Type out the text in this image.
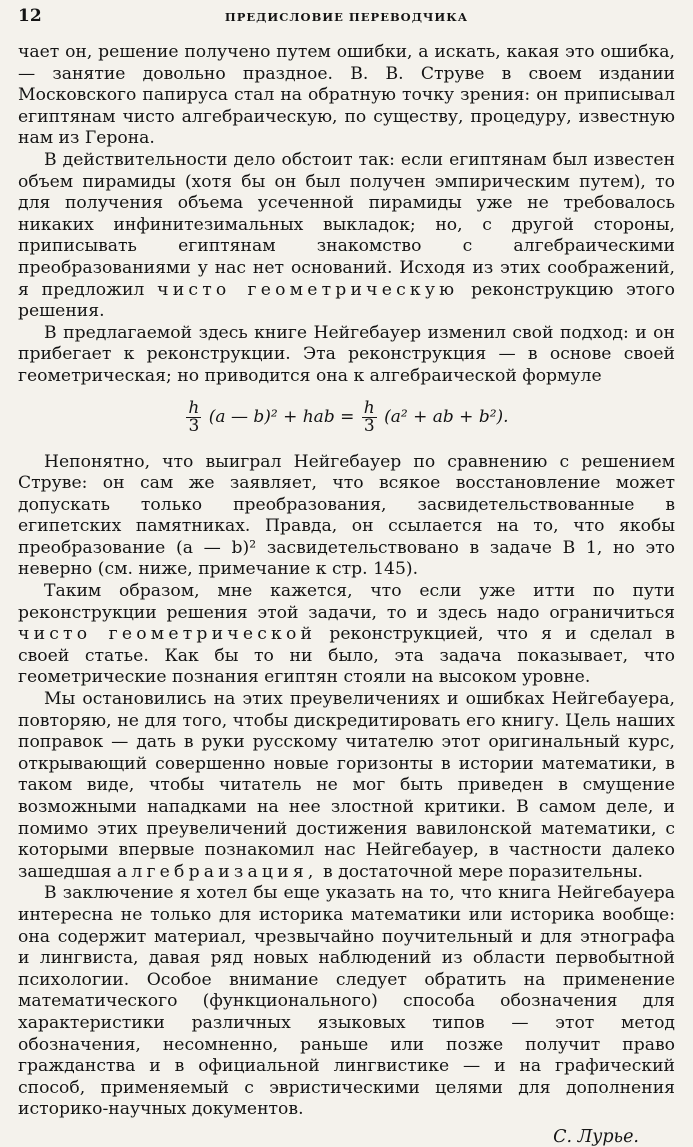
12	ПРЕДИСЛОВИЕ ПЕРЕВОДЧИКА

чает он, решение получено путем ошибки, а искать, какая это ошибка, — занятие довольно праздное. В. В. Струве в своем издании Московского папируса стал на обратную точку зрения: он приписывал египтянам чисто алгебраическую, по существу, процедуру, известную нам из Герона.

В действительности дело обстоит так: если египтянам был известен объем пирамиды (хотя бы он был получен эмпирическим путем), то для получения объема усеченной пирамиды уже не требовалось никаких инфинитезимальных выкладок; но, с другой стороны, приписывать египтянам знакомство с алгебраическими преобразованиями у нас нет оснований. Исходя из этих соображений, я предложил чисто геометрическую реконструкцию этого решения.

В предлагаемой здесь книге Нейгебауер изменил свой подход: и он прибегает к реконструкции. Эта реконструкция — в основе своей геометрическая; но приводится она к алгебраической формуле

$\frac{h}{3} (a$ — b)² + hab = $\frac{h}{3} (a^2$ + ab + b²).

Непонятно, что выиграл Нейгебауер по сравнению с решением Струве: он сам же заявляет, что всякое восстановление может допускать только преобразования, засвидетельствованные в египетских памятниках. Правда, он ссылается на то, что якобы преобразование (a — b)² засвидетельствовано в задаче В 1, но это неверно (см. ниже, примечание к стр. 145).

Таким образом, мне кажется, что если уже итти по пути реконструкции решения этой задачи, то и здесь надо ограничиться чисто геометрической реконструкцией, что я и сделал в своей статье. Как бы то ни было, эта задача показывает, что геометрические познания египтян стояли на высоком уровне.

Мы остановились на этих преувеличениях и ошибках Нейгебауера, повторяю, не для того, чтобы дискредитировать его книгу. Цель наших поправок — дать в руки русскому читателю этот оригинальный курс, открывающий совершенно новые горизонты в истории математики, в таком виде, чтобы читатель не мог быть приведен в смущение возможными нападками на нее злостной критики. В самом деле, и помимо этих преувеличений достижения вавилонской математики, с которыми впервые познакомил нас Нейгебауер, в частности далеко зашедшая алгебраизация, в достаточной мере поразительны.

В заключение я хотел бы еще указать на то, что книга Нейгебауера интересна не только для историка математики или историка вообще: она содержит материал, чрезвычайно поучительный и для этнографа и лингвиста, давая ряд новых наблюдений из области первобытной психологии. Особое внимание следует обратить на применение математического (функционального) способа обозначения для характеристики различных языковых типов — этот метод обозначения, несомненно, раньше или позже получит право гражданства и в официальной лингвистике — и на графический способ, применяемый с эвристическими целями для дополнения историко-научных документов.

С. Лурье.
